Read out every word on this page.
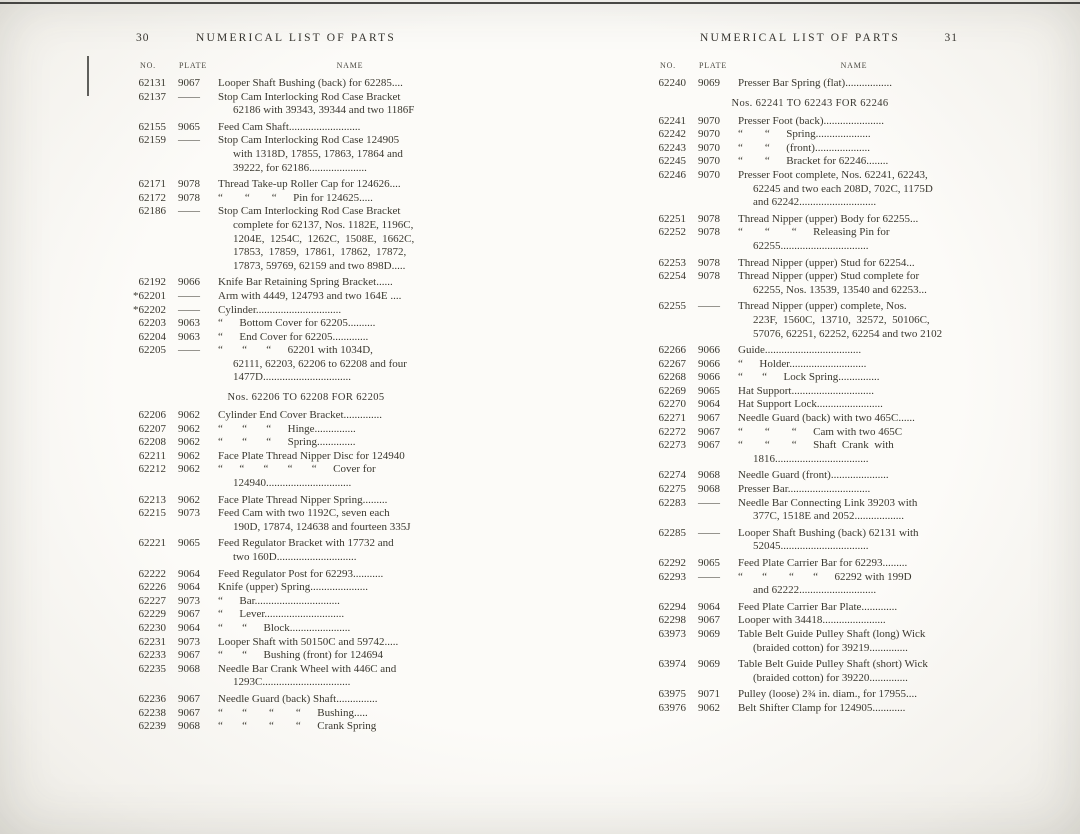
30	NUMERICAL LIST OF PARTS
NO.	PLATE	NAME
62131	9067	Looper Shaft Bushing (back) for 62285....
62137	——	Stop Cam Interlocking Rod Case Bracket
62186 with 39343, 39344 and two 1186F
62155	9065	Feed Cam Shaft..........................
62159	——	Stop Cam Interlocking Rod Case 124905
with 1318D, 17855, 17863, 17864 and
39222, for 62186.....................
62171	9078	Thread Take-up Roller Cap for 124626....
62172	9078	“        “        “      Pin for 124625.....
62186	——	Stop Cam Interlocking Rod Case Bracket
complete for 62137, Nos. 1182E, 1196C,
1204E,  1254C,  1262C,  1508E,  1662C,
17853,  17859,  17861,  17862,  17872,
17873, 59769, 62159 and two 898D.....
62192	9066	Knife Bar Retaining Spring Bracket......
*62201	——	Arm with 4449, 124793 and two 164E ....
*62202	——	Cylinder...............................
62203	9063	“      Bottom Cover for 62205..........
62204	9063	“      End Cover for 62205.............
62205	——	“       “       “      62201 with 1034D,
62111, 62203, 62206 to 62208 and four
1477D................................
Nos. 62206 TO 62208 FOR 62205
62206	9062	Cylinder End Cover Bracket..............
62207	9062	“       “       “      Hinge...............
62208	9062	“       “       “      Spring..............
62211	9062	Face Plate Thread Nipper Disc for 124940
62212	9062	“      “       “       “       “      Cover for
124940...............................
62213	9062	Face Plate Thread Nipper Spring.........
62215	9073	Feed Cam with two 1192C, seven each
190D, 17874, 124638 and fourteen 335J
62221	9065	Feed Regulator Bracket with 17732 and
two 160D.............................
62222	9064	Feed Regulator Post for 62293...........
62226	9064	Knife (upper) Spring.....................
62227	9073	“      Bar...............................
62229	9067	“      Lever.............................
62230	9064	“       “      Block......................
62231	9073	Looper Shaft with 50150C and 59742.....
62233	9067	“       “      Bushing (front) for 124694
62235	9068	Needle Bar Crank Wheel with 446C and
1293C................................
62236	9067	Needle Guard (back) Shaft...............
62238	9067	“       “        “        “      Bushing.....
62239	9068	“       “        “        “      Crank Spring
NUMERICAL LIST OF PARTS	31
NO.	PLATE	NAME
62240	9069	Presser Bar Spring (flat).................
Nos. 62241 TO 62243 FOR 62246
62241	9070	Presser Foot (back)......................
62242	9070	“        “      Spring....................
62243	9070	“        “      (front)....................
62245	9070	“        “      Bracket for 62246........
62246	9070	Presser Foot complete, Nos. 62241, 62243,
62245 and two each 208D, 702C, 1175D
and 62242............................
62251	9078	Thread Nipper (upper) Body for 62255...
62252	9078	“        “        “      Releasing Pin for
62255................................
62253	9078	Thread Nipper (upper) Stud for 62254...
62254	9078	Thread Nipper (upper) Stud complete for
62255, Nos. 13539, 13540 and 62253...
62255	——	Thread Nipper (upper) complete, Nos.
223F,  1560C,  13710,  32572,  50106C,
57076, 62251, 62252, 62254 and two 2102
62266	9066	Guide...................................
62267	9066	“      Holder............................
62268	9066	“       “      Lock Spring...............
62269	9065	Hat Support..............................
62270	9064	Hat Support Lock........................
62271	9067	Needle Guard (back) with two 465C......
62272	9067	“        “        “      Cam with two 465C
62273	9067	“        “        “      Shaft  Crank  with
1816..................................
62274	9068	Needle Guard (front).....................
62275	9068	Presser Bar..............................
62283	——	Needle Bar Connecting Link 39203 with
377C, 1518E and 2052..................
62285	——	Looper Shaft Bushing (back) 62131 with
52045................................
62292	9065	Feed Plate Carrier Bar for 62293.........
62293	——	“       “        “       “      62292 with 199D
and 62222............................
62294	9064	Feed Plate Carrier Bar Plate.............
62298	9067	Looper with 34418.......................
63973	9069	Table Belt Guide Pulley Shaft (long) Wick
(braided cotton) for 39219..............
63974	9069	Table Belt Guide Pulley Shaft (short) Wick
(braided cotton) for 39220..............
63975	9071	Pulley (loose) 2¾ in. diam., for 17955....
63976	9062	Belt Shifter Clamp for 124905............
